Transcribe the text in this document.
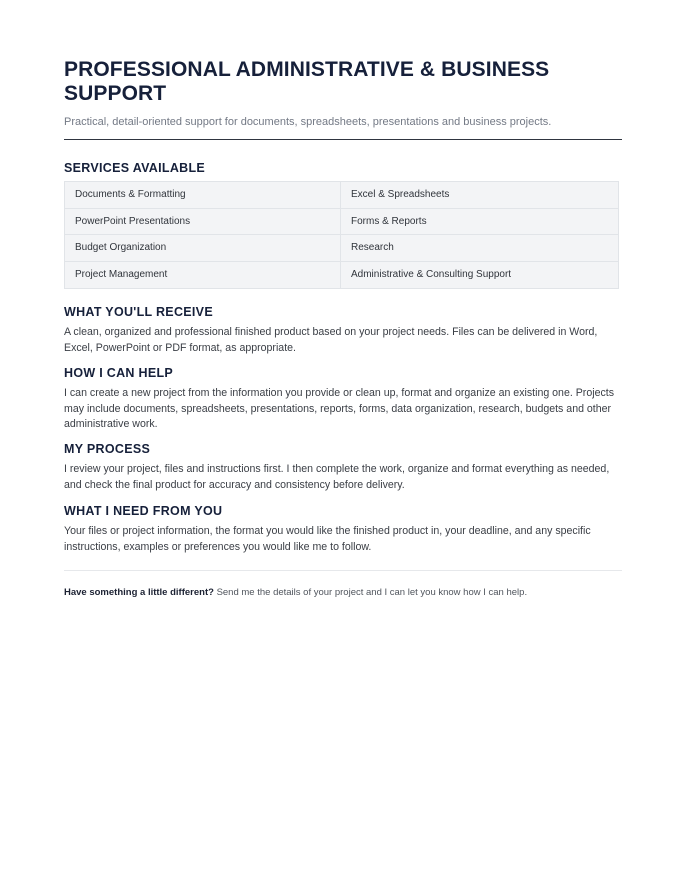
PROFESSIONAL ADMINISTRATIVE & BUSINESS SUPPORT
Practical, detail-oriented support for documents, spreadsheets, presentations and business projects.
SERVICES AVAILABLE
Documents & Formatting	Excel & Spreadsheets
PowerPoint Presentations	Forms & Reports
Budget Organization	Research
Project Management	Administrative & Consulting Support
WHAT YOU'LL RECEIVE

A clean, organized and professional finished product based on your project needs. Files can be delivered in Word, Excel, PowerPoint or PDF format, as appropriate.

HOW I CAN HELP

I can create a new project from the information you provide or clean up, format and organize an existing one. Projects may include documents, spreadsheets, presentations, reports, forms, data organization, research, budgets and other administrative work.

MY PROCESS

I review your project, files and instructions first. I then complete the work, organize and format everything as needed, and check the final product for accuracy and consistency before delivery.

WHAT I NEED FROM YOU

Your files or project information, the format you would like the finished product in, your deadline, and any specific instructions, examples or preferences you would like me to follow.

Have something a little different? Send me the details of your project and I can let you know how I can help.
